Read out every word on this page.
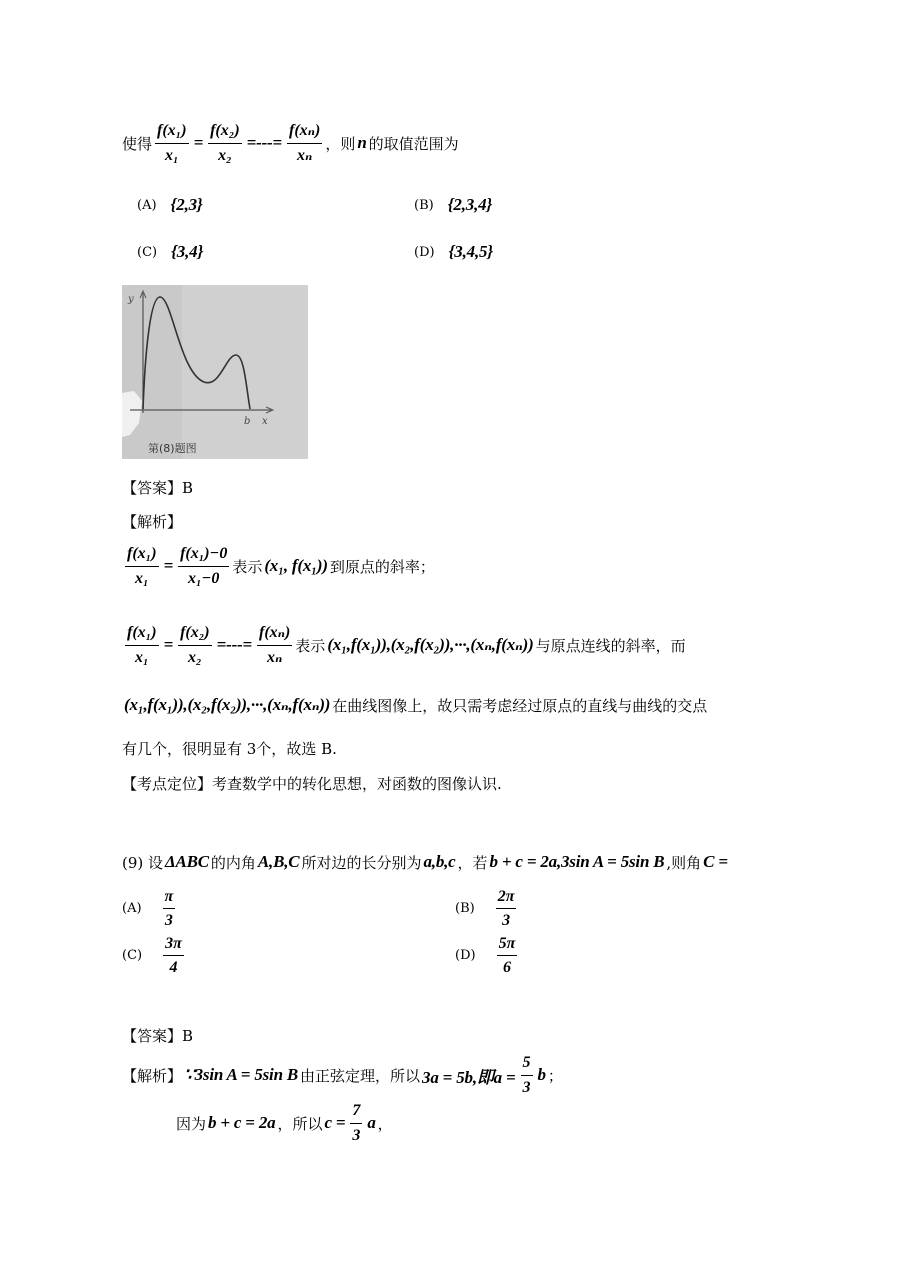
使得 $\frac{\text{f(x₁)}}{\text{x₁}} = \frac{\text{f(x₂)}}{\text{x₂}}$ =---= $\frac{\text{f(xₙ)}}{\text{xₙ}}$ ，则 n 的取值范围为
(A) {2,3}	(B) {2,3,4}
(C) {3,4}	(D) {3,4,5}
y
b x
第(8)题图
【答案】B
【解析】
$\frac{\text{f(x₁)}}{\text{x₁}} = \frac{\text{f(x₁)−0}}{\text{x₁−0}}$ 表示 (x₁, f(x₁)) 到原点的斜率；
$\frac{\text{f(x₁)}}{\text{x₁}} = \frac{\text{f(x₂)}}{\text{x₂}}$ =---= $\frac{\text{f(xₙ)}}{\text{xₙ}}$ 表示 (x₁,f(x₁)),(x₂,f(x₂)),···,(xₙ,f(xₙ)) 与原点连线的斜率，而
(x₁,f(x₁)),(x₂,f(x₂)),···,(xₙ,f(xₙ)) 在曲线图像上，故只需考虑经过原点的直线与曲线的交点
有几个，很明显有 3个，故选 B.
【考点定位】考查数学中的转化思想，对函数的图像认识.
(9) 设 ΔABC 的内角 A,B,C 所对边的长分别为 a,b,c ，若 b + c = 2a,3sin A = 5sin B ,则角 C =
$(A) \frac{\pi}{3}$	$(B) \frac{2\pi}{3}$
$(C) \frac{3\pi}{4}$	$(D) \frac{5\pi}{6}$
【答案】B
【解析】 ∵3sin A = 5sin B 由正弦定理，所以 3a = 5b,即$a = \frac{5}{3}$ b ；
因为 b + c = 2a ，所以 $c = \frac{7}{3}$ a ，
